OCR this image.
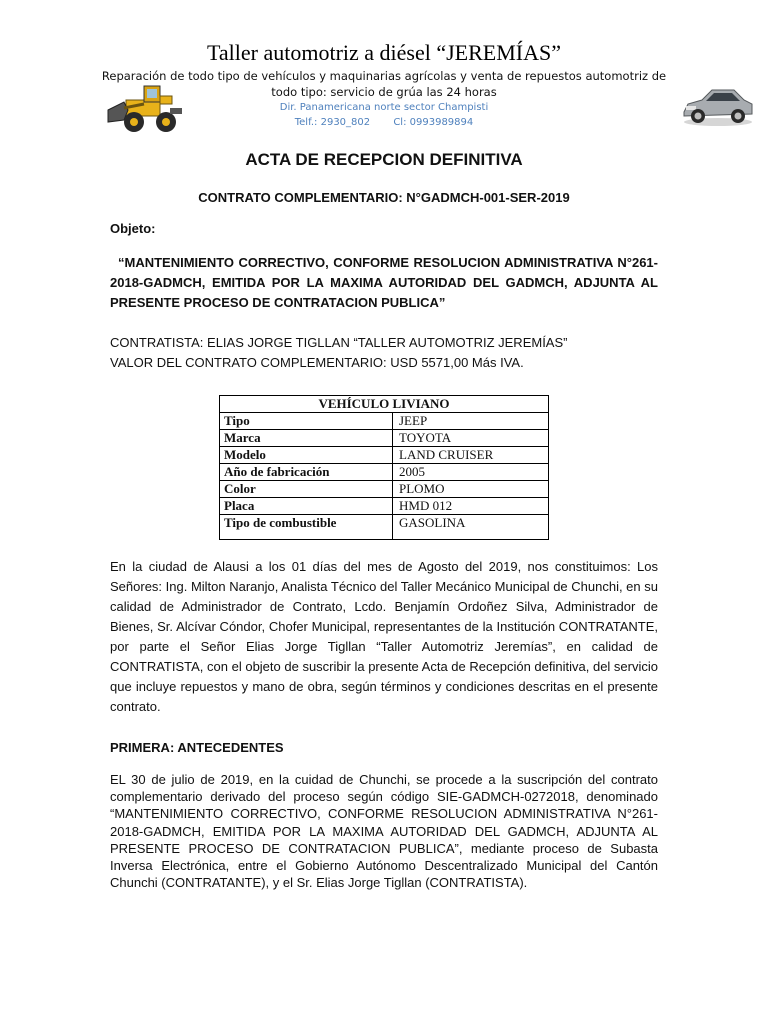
Taller automotriz a diésel “JEREMÍAS”
Reparación de todo tipo de vehículos y maquinarias agrícolas y venta de repuestos automotriz de todo tipo: servicio de grúa las 24 horas
Dir. Panamericana norte sector Champisti
Telf.: 2930_802 Cl: 0993989894
ACTA DE RECEPCION DEFINITIVA
CONTRATO COMPLEMENTARIO: N°GADMCH-001-SER-2019
Objeto:
“MANTENIMIENTO CORRECTIVO, CONFORME RESOLUCION ADMINISTRATIVA N°261-2018-GADMCH, EMITIDA POR LA MAXIMA AUTORIDAD DEL GADMCH, ADJUNTA AL PRESENTE PROCESO DE CONTRATACION PUBLICA”
CONTRATISTA: ELIAS JORGE TIGLLAN “TALLER AUTOMOTRIZ JEREMÍAS”
VALOR DEL CONTRATO COMPLEMENTARIO: USD 5571,00 Más IVA.
VEHÍCULO LIVIANO	
Tipo	JEEP
Marca	TOYOTA
Modelo	LAND CRUISER
Año de fabricación	2005
Color	PLOMO
Placa	HMD 012
Tipo de combustible	GASOLINA
En la ciudad de Alausi a los 01 días del mes de Agosto del 2019, nos constituimos: Los Señores: Ing. Milton Naranjo, Analista Técnico del Taller Mecánico Municipal de Chunchi, en su calidad de Administrador de Contrato, Lcdo. Benjamín Ordoñez Silva, Administrador de Bienes, Sr. Alcívar Cóndor, Chofer Municipal, representantes de la Institución CONTRATANTE, por parte el Señor Elias Jorge Tigllan “Taller Automotriz Jeremías”, en calidad de CONTRATISTA, con el objeto de suscribir la presente Acta de Recepción definitiva, del servicio que incluye repuestos y mano de obra, según términos y condiciones descritas en el presente contrato.
PRIMERA: ANTECEDENTES
EL 30 de julio de 2019, en la cuidad de Chunchi, se procede a la suscripción del contrato complementario derivado del proceso según código SIE-GADMCH-0272018, denominado “MANTENIMIENTO CORRECTIVO, CONFORME RESOLUCION ADMINISTRATIVA N°261-2018-GADMCH, EMITIDA POR LA MAXIMA AUTORIDAD DEL GADMCH, ADJUNTA AL PRESENTE PROCESO DE CONTRATACION PUBLICA”, mediante proceso de Subasta Inversa Electrónica, entre el Gobierno Autónomo Descentralizado Municipal del Cantón Chunchi (CONTRATANTE), y el Sr. Elias Jorge Tigllan (CONTRATISTA).
